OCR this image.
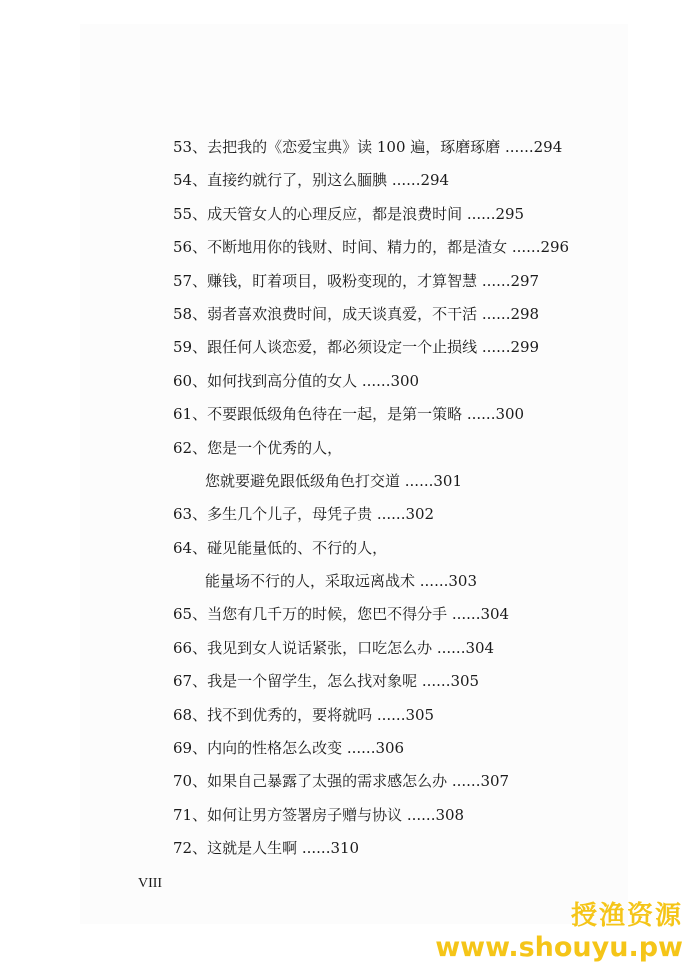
53、去把我的《恋爱宝典》读 100 遍，琢磨琢磨 ......294
54、直接约就行了，别这么腼腆 ......294
55、成天管女人的心理反应，都是浪费时间 ......295
56、不断地用你的钱财、时间、精力的，都是渣女 ......296
57、赚钱，盯着项目，吸粉变现的，才算智慧 ......297
58、弱者喜欢浪费时间，成天谈真爱，不干活 ......298
59、跟任何人谈恋爱，都必须设定一个止损线 ......299
60、如何找到高分值的女人 ......300
61、不要跟低级角色待在一起，是第一策略 ......300
62、您是一个优秀的人，
您就要避免跟低级角色打交道 ......301
63、多生几个儿子，母凭子贵 ......302
64、碰见能量低的、不行的人，
能量场不行的人，采取远离战术 ......303
65、当您有几千万的时候，您巴不得分手 ......304
66、我见到女人说话紧张，口吃怎么办 ......304
67、我是一个留学生，怎么找对象呢 ......305
68、找不到优秀的，要将就吗 ......305
69、内向的性格怎么改变 ......306
70、如果自己暴露了太强的需求感怎么办 ......307
71、如何让男方签署房子赠与协议 ......308
72、这就是人生啊 ......310
VIII
授渔资源
www.shouyu.pw
